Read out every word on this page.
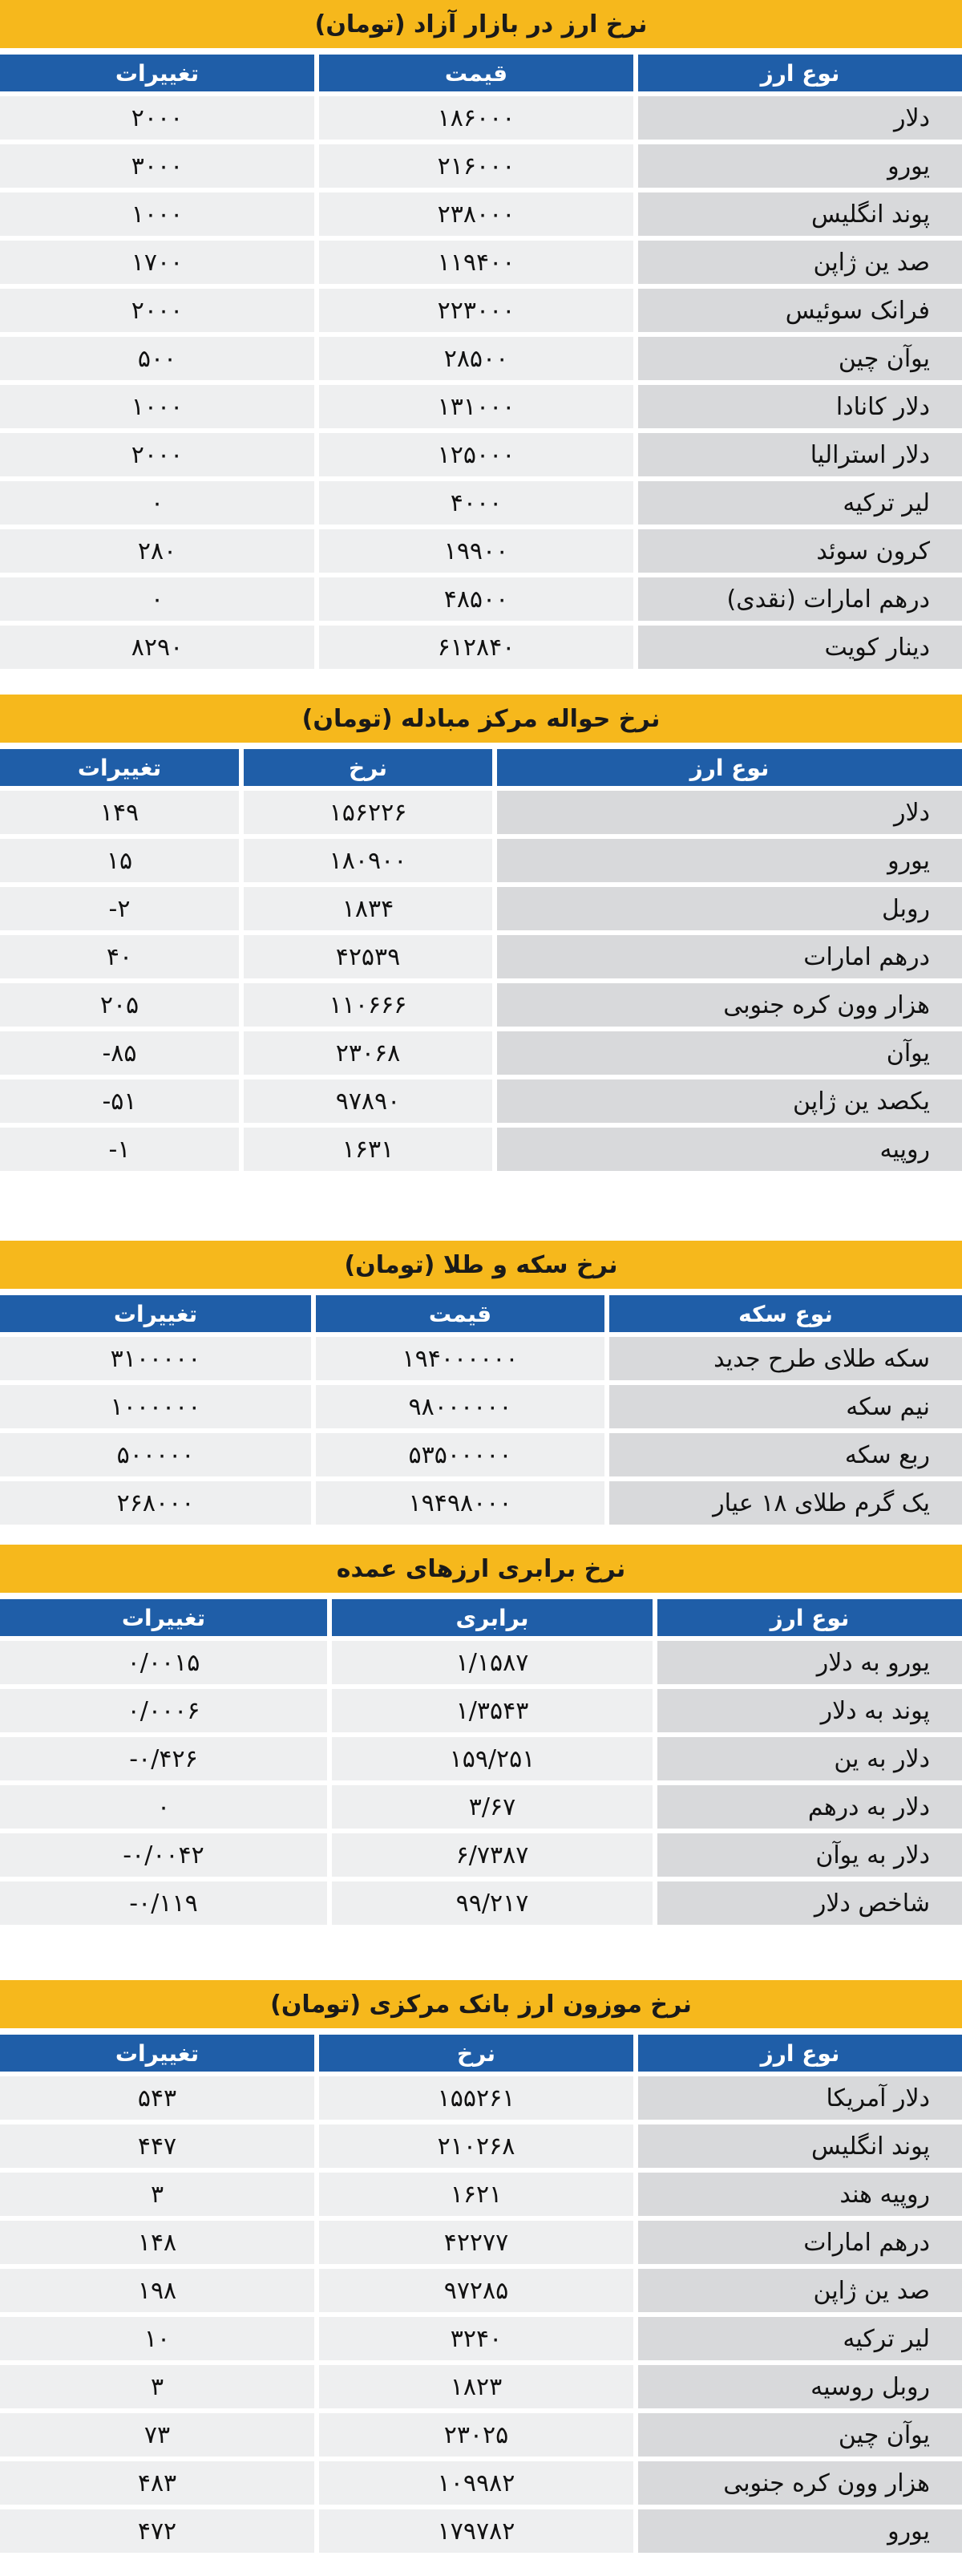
نرخ ارز در بازار آزاد (تومان)
نوع ارز
قیمت
تغییرات
دلار
۱۸۶۰۰۰
۲۰۰۰
یورو
۲۱۶۰۰۰
۳۰۰۰
پوند انگلیس
۲۳۸۰۰۰
۱۰۰۰
صد ین ژاپن
۱۱۹۴۰۰
۱۷۰۰
فرانک سوئیس
۲۲۳۰۰۰
۲۰۰۰
یوآن چین
۲۸۵۰۰
۵۰۰
دلار کانادا
۱۳۱۰۰۰
۱۰۰۰
دلار استرالیا
۱۲۵۰۰۰
۲۰۰۰
لیر ترکیه
۴۰۰۰
۰
کرون سوئد
۱۹۹۰۰
۲۸۰
درهم امارات (نقدی)
۴۸۵۰۰
۰
دینار کویت
۶۱۲۸۴۰
۸۲۹۰
نرخ حواله مرکز مبادله (تومان)
نوع ارز
نرخ
تغییرات
دلار
۱۵۶۲۲۶
۱۴۹
یورو
۱۸۰۹۰۰
۱۵
روبل
۱۸۳۴
-۲
درهم امارات
۴۲۵۳۹
۴۰
هزار وون کره جنوبی
۱۱۰۶۶۶
۲۰۵
یوآن
۲۳۰۶۸
-۸۵
یکصد ین ژاپن
۹۷۸۹۰
-۵۱
روپیه
۱۶۳۱
-۱
نرخ سکه و طلا (تومان)
نوع سکه
قیمت
تغییرات
سکه طلای طرح جدید
۱۹۴۰۰۰۰۰۰
۳۱۰۰۰۰۰
نیم سکه
۹۸۰۰۰۰۰۰
۱۰۰۰۰۰۰
ربع سکه
۵۳۵۰۰۰۰۰
۵۰۰۰۰۰
یک گرم طلای ۱۸ عیار
۱۹۴۹۸۰۰۰
۲۶۸۰۰۰
نرخ برابری ارزهای عمده
نوع ارز
برابری
تغییرات
یورو به دلار
۱/۱۵۸۷
۰/۰۰۱۵
پوند به دلار
۱/۳۵۴۳
۰/۰۰۰۶
دلار به ین
۱۵۹/۲۵۱
-۰/۴۲۶
دلار به درهم
۳/۶۷
۰
دلار به یوآن
۶/۷۳۸۷
-۰/۰۰۴۲
شاخص دلار
۹۹/۲۱۷
-۰/۱۱۹
نرخ موزون ارز بانک مرکزی (تومان)
نوع ارز
نرخ
تغییرات
دلار آمریکا
۱۵۵۲۶۱
۵۴۳
پوند انگلیس
۲۱۰۲۶۸
۴۴۷
روپیه هند
۱۶۲۱
۳
درهم امارات
۴۲۲۷۷
۱۴۸
صد ین ژاپن
۹۷۲۸۵
۱۹۸
لیر ترکیه
۳۲۴۰
۱۰
روبل روسیه
۱۸۲۳
۳
یوآن چین
۲۳۰۲۵
۷۳
هزار وون کره جنوبی
۱۰۹۹۸۲
۴۸۳
یورو
۱۷۹۷۸۲
۴۷۲
